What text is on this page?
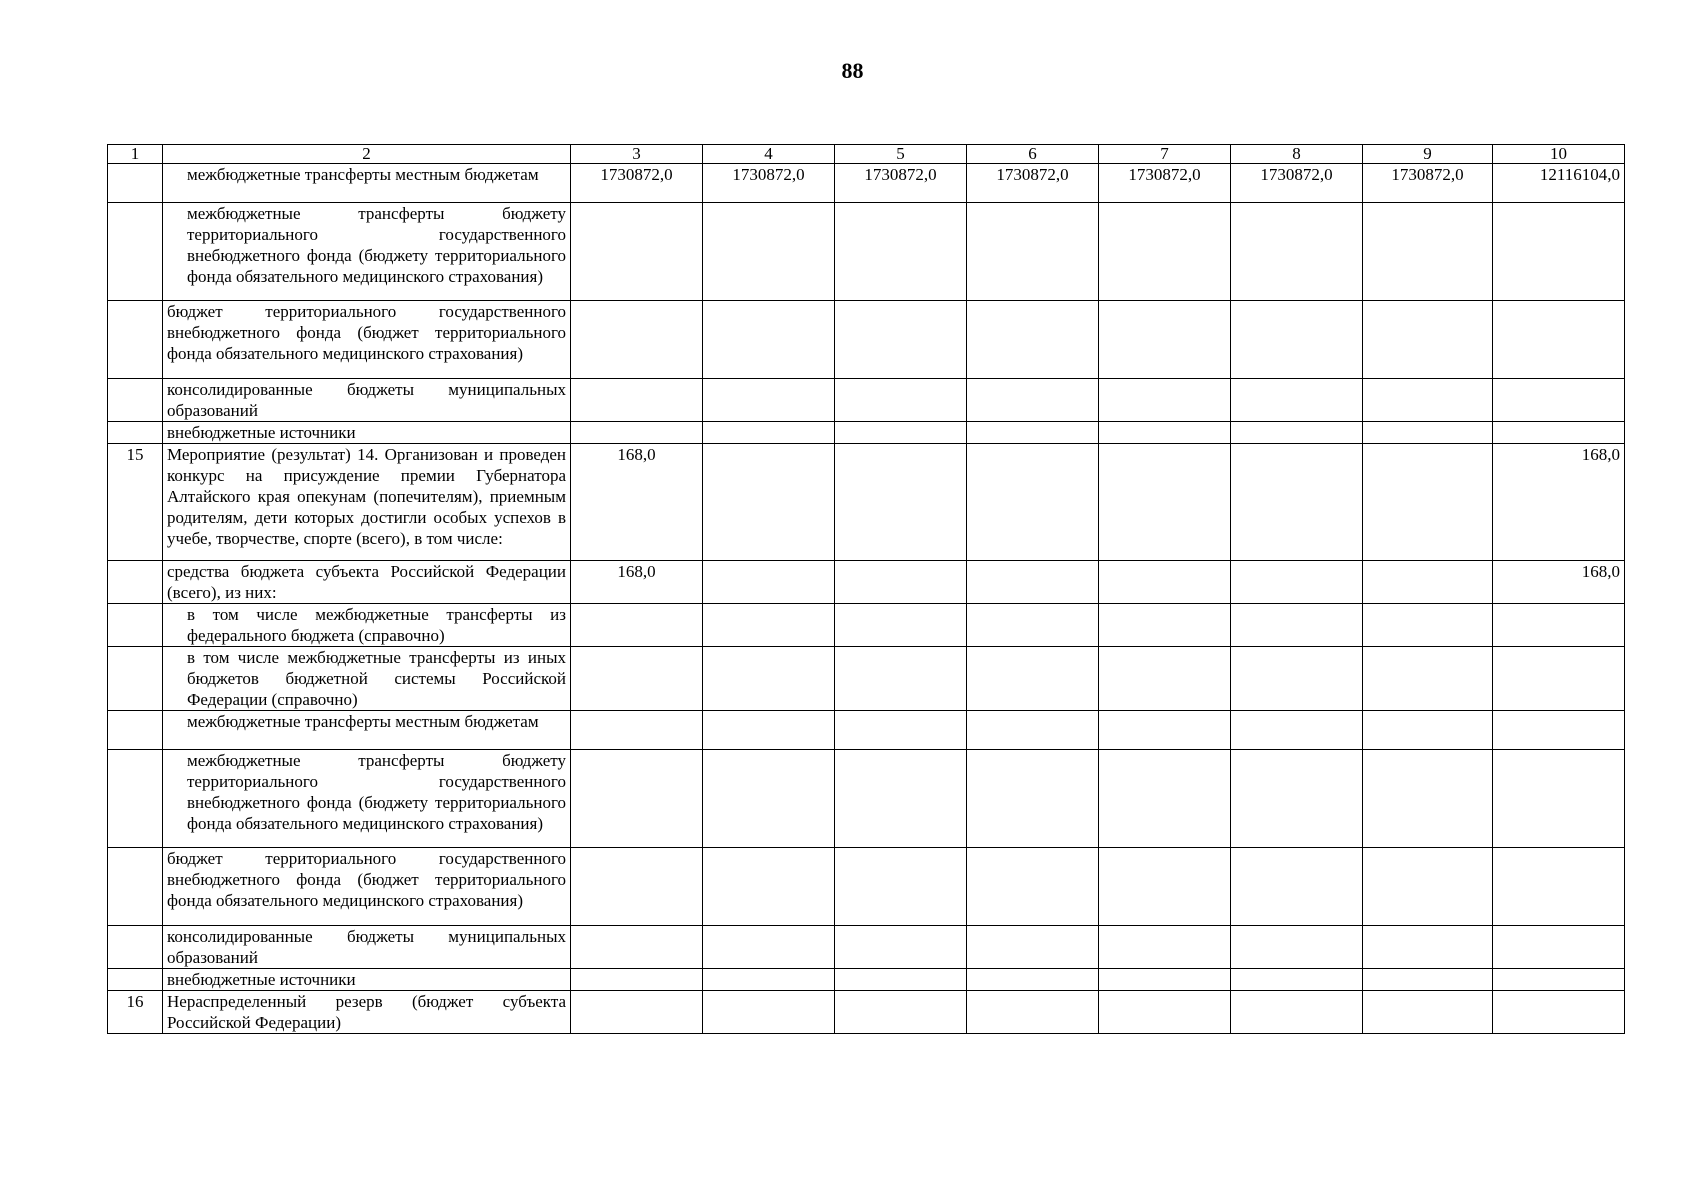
88
1	2	3	4	5	6	7	8	9	10
	межбюджетные трансферты местным бюджетам	1730872,0	1730872,0	1730872,0	1730872,0	1730872,0	1730872,0	1730872,0	12116104,0
	межбюджетные трансферты бюджету территориального государственного внебюджетного фонда (бюджету территориального фонда обязательного медицинского страхования)								
	бюджет территориального государственного внебюджетного фонда (бюджет территориального фонда обязательного медицинского страхования)								
	консолидированные бюджеты муниципальных образований								
	внебюджетные источники								
15	Мероприятие (результат) 14. Организован и проведен конкурс на присуждение премии Губернатора Алтайского края опекунам (попечителям), приемным родителям, дети которых достигли особых успехов в учебе, творчестве, спорте (всего), в том числе:	168,0							168,0
	средства бюджета субъекта Российской Федерации (всего), из них:	168,0							168,0
	в том числе межбюджетные трансферты из федерального бюджета (справочно)								
	в том числе межбюджетные трансферты из иных бюджетов бюджетной системы Российской Федерации (справочно)								
	межбюджетные трансферты местным бюджетам								
	межбюджетные трансферты бюджету территориального государственного внебюджетного фонда (бюджету территориального фонда обязательного медицинского страхования)								
	бюджет территориального государственного внебюджетного фонда (бюджет территориального фонда обязательного медицинского страхования)								
	консолидированные бюджеты муниципальных образований								
	внебюджетные источники								
16	Нераспределенный резерв (бюджет субъекта Российской Федерации)								
